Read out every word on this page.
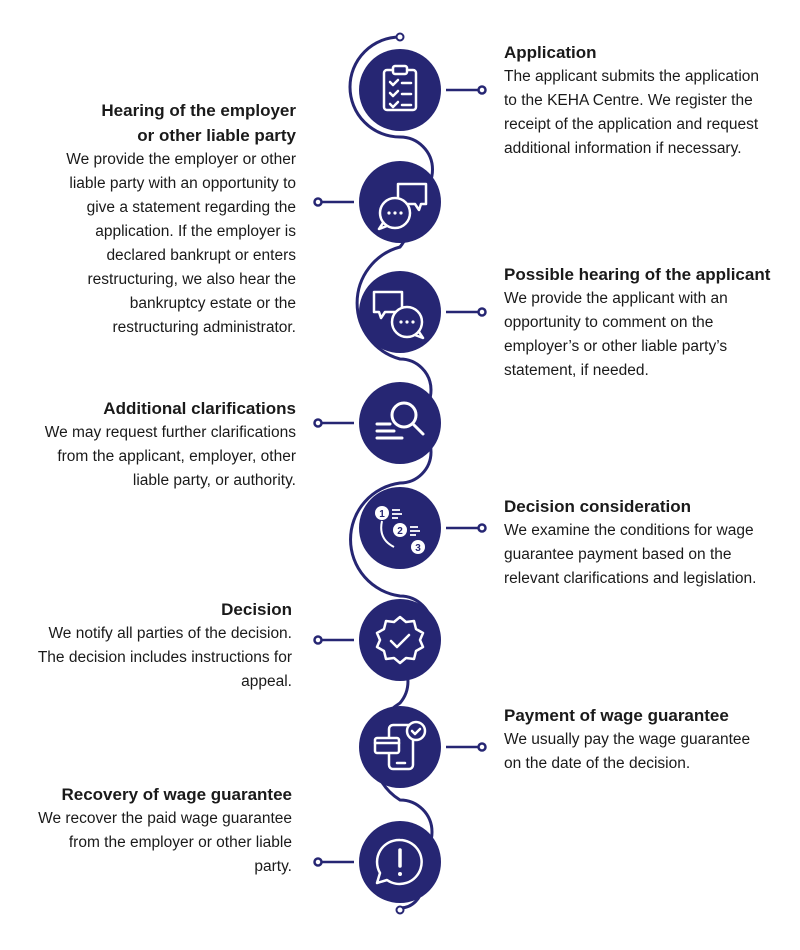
1
2
3

Application

The applicant submits the application
to the KEHA Centre. We register the
receipt of the application and request
additional information if necessary.

Hearing of the employer
or other liable party

We provide the employer or other
liable party with an opportunity to
give a statement regarding the
application. If the employer is
declared bankrupt or enters
restructuring, we also hear the
bankruptcy estate or the
restructuring administrator.

Possible hearing of the applicant

We provide the applicant with an
opportunity to comment on the
employer’s or other liable party’s
statement, if needed.

Additional clarifications

We may request further clarifications
from the applicant, employer, other
liable party, or authority.

Decision consideration

We examine the conditions for wage
guarantee payment based on the
relevant clarifications and legislation.

Decision

We notify all parties of the decision.
The decision includes instructions for
appeal.

Payment of wage guarantee

We usually pay the wage guarantee
on the date of the decision.

Recovery of wage guarantee

We recover the paid wage guarantee
from the employer or other liable
party.
